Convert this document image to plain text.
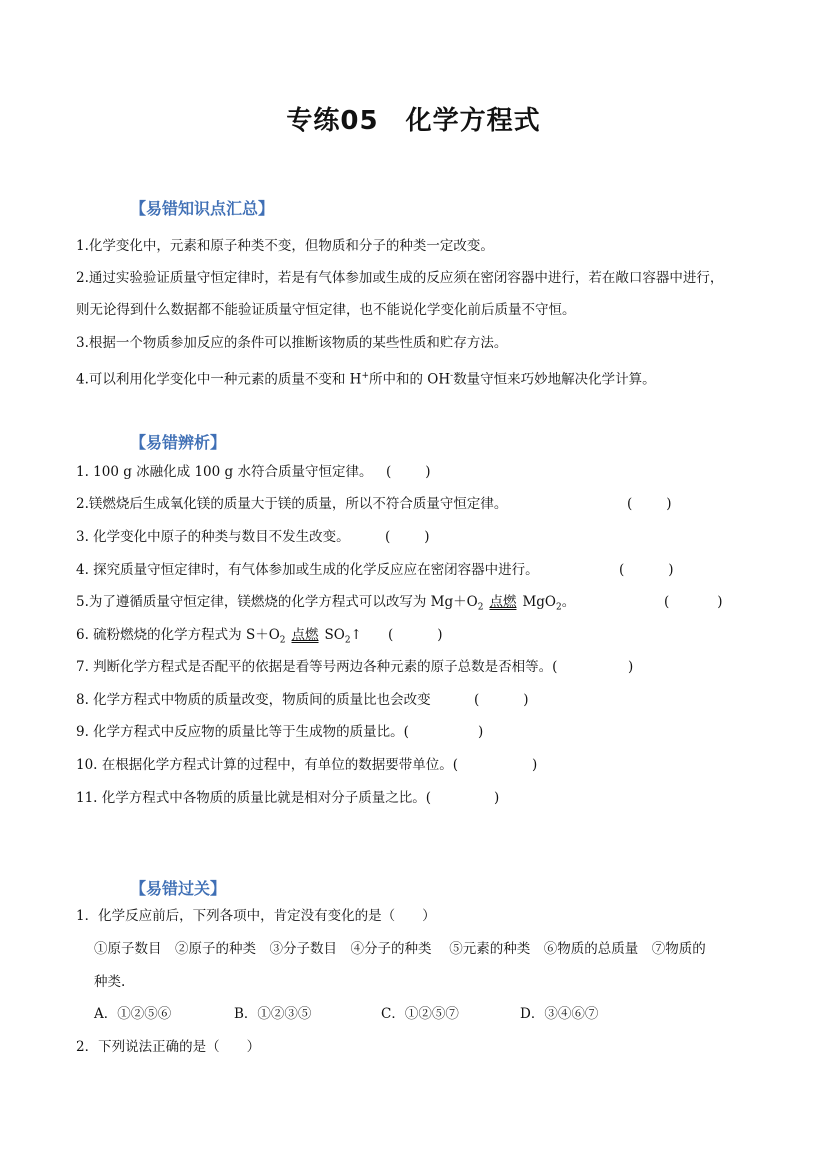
专练05　化学方程式
【易错知识点汇总】
1.化学变化中，元素和原子种类不变，但物质和分子的种类一定改变。
2.通过实验验证质量守恒定律时，若是有气体参加或生成的反应须在密闭容器中进行，若在敞口容器中进行，
则无论得到什么数据都不能验证质量守恒定律，也不能说化学变化前后质量不守恒。
3.根据一个物质参加反应的条件可以推断该物质的某些性质和贮存方法。
4.可以利用化学变化中一种元素的质量不变和 H+所中和的 OH-数量守恒来巧妙地解决化学计算。
【易错辨析】
1. 100 g 冰融化成 100 g 水符合质量守恒定律。 (	)
2.镁燃烧后生成氧化镁的质量大于镁的质量，所以不符合质量守恒定律。	(	)
3. 化学变化中原子的种类与数目不发生改变。	(	)
4. 探究质量守恒定律时，有气体参加或生成的化学反应应在密闭容器中进行。	(	)
5.为了遵循质量守恒定律，镁燃烧的化学方程式可以改写为 $Mg+O_2$ 点燃 MgO$_2$。	(	)
6. 硫粉燃烧的化学方程式为 $S+O_2$ 点燃 $SO_2↑$ (	)
7. 判断化学方程式是否配平的依据是看等号两边各种元素的原子总数是否相等。(	)
8. 化学方程式中物质的质量改变，物质间的质量比也会改变	(	)
9. 化学方程式中反应物的质量比等于生成物的质量比。(	)
10. 在根据化学方程式计算的过程中，有单位的数据要带单位。(	)
11. 化学方程式中各物质的质量比就是相对分子质量之比。(	)
【易错过关】
1．化学反应前后，下列各项中，肯定没有变化的是（　　）
①原子数目　②原子的种类　③分子数目　④分子的种类　 ⑤元素的种类　⑥物质的总质量　⑦物质的
种类.
A．①②⑤⑥	B．①②③⑤	C．①②⑤⑦	D．③④⑥⑦
2．下列说法正确的是（　　）
